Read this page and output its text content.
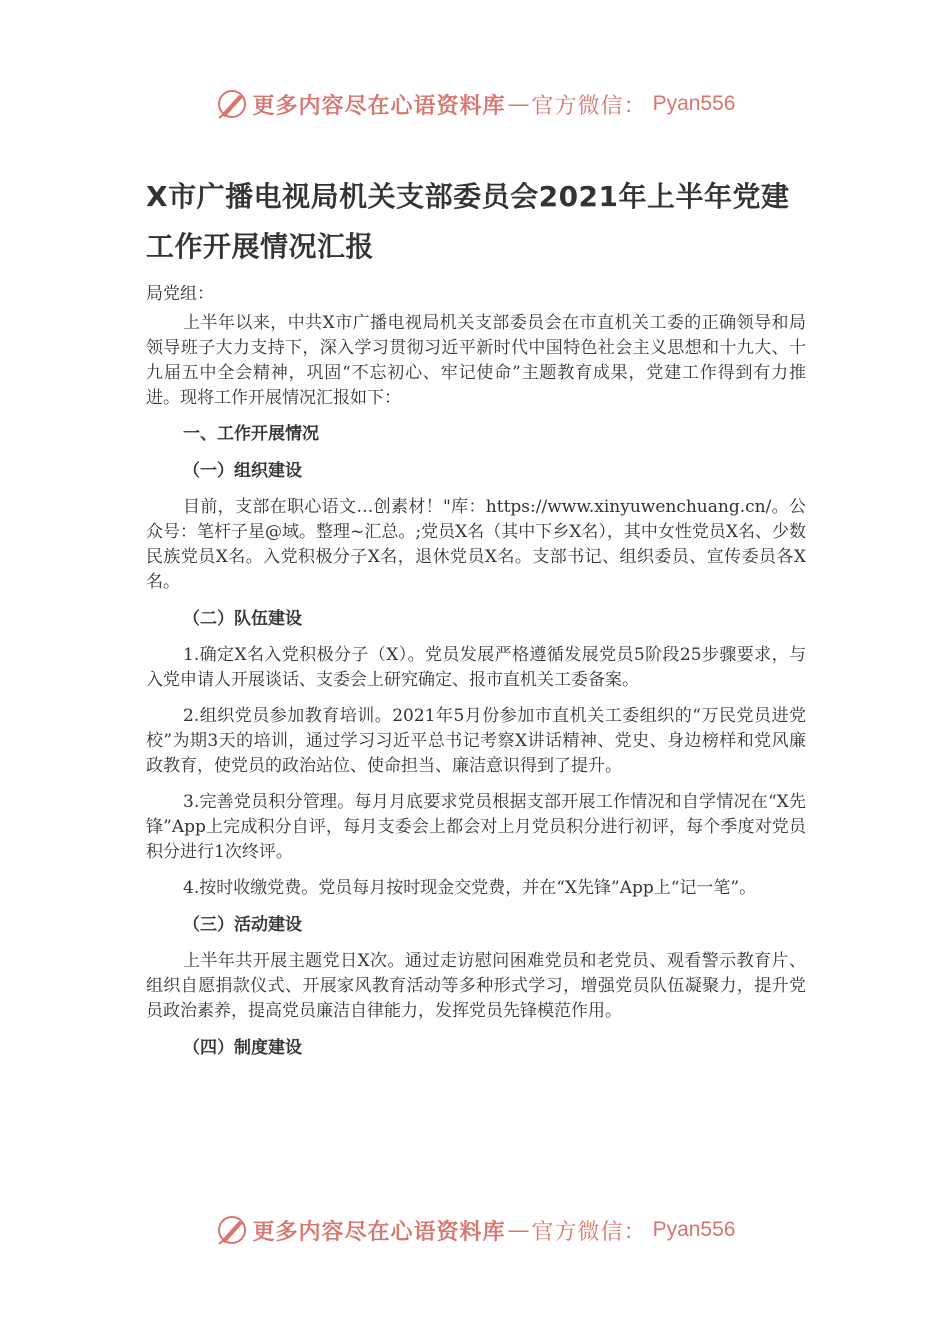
更多内容尽在心语资料库 — 官方微信： Pyan556
X市广播电视局机关支部委员会2021年上半年党建工作开展情况汇报

局党组：

上半年以来，中共X市广播电视局机关支部委员会在市直机关工委的正确领导和局领导班子大力支持下，深入学习贯彻习近平新时代中国特色社会主义思想和十九大、十九届五中全会精神，巩固“不忘初心、牢记使命”主题教育成果，党建工作得到有力推进。现将工作开展情况汇报如下：

一、工作开展情况

（一）组织建设

目前，支部在职心语文…创素材！"库：https://www.xinyuwenchuang.cn/。公众号：笔杆子星@域。整理~汇总。;党员X名（其中下乡X名），其中女性党员X名、少数民族党员X名。入党积极分子X名，退休党员X名。支部书记、组织委员、宣传委员各X名。

（二）队伍建设

1.确定X名入党积极分子（X）。党员发展严格遵循发展党员5阶段25步骤要求，与入党申请人开展谈话、支委会上研究确定、报市直机关工委备案。

2.组织党员参加教育培训。2021年5月份参加市直机关工委组织的“万民党员进党校”为期3天的培训，通过学习习近平总书记考察X讲话精神、党史、身边榜样和党风廉政教育，使党员的政治站位、使命担当、廉洁意识得到了提升。

3.完善党员积分管理。每月月底要求党员根据支部开展工作情况和自学情况在“X先锋”App上完成积分自评，每月支委会上都会对上月党员积分进行初评，每个季度对党员积分进行1次终评。

4.按时收缴党费。党员每月按时现金交党费，并在“X先锋”App上“记一笔”。

（三）活动建设

上半年共开展主题党日X次。通过走访慰问困难党员和老党员、观看警示教育片、组织自愿捐款仪式、开展家风教育活动等多种形式学习，增强党员队伍凝聚力，提升党员政治素养，提高党员廉洁自律能力，发挥党员先锋模范作用。

（四）制度建设

更多内容尽在心语资料库 — 官方微信： Pyan556
